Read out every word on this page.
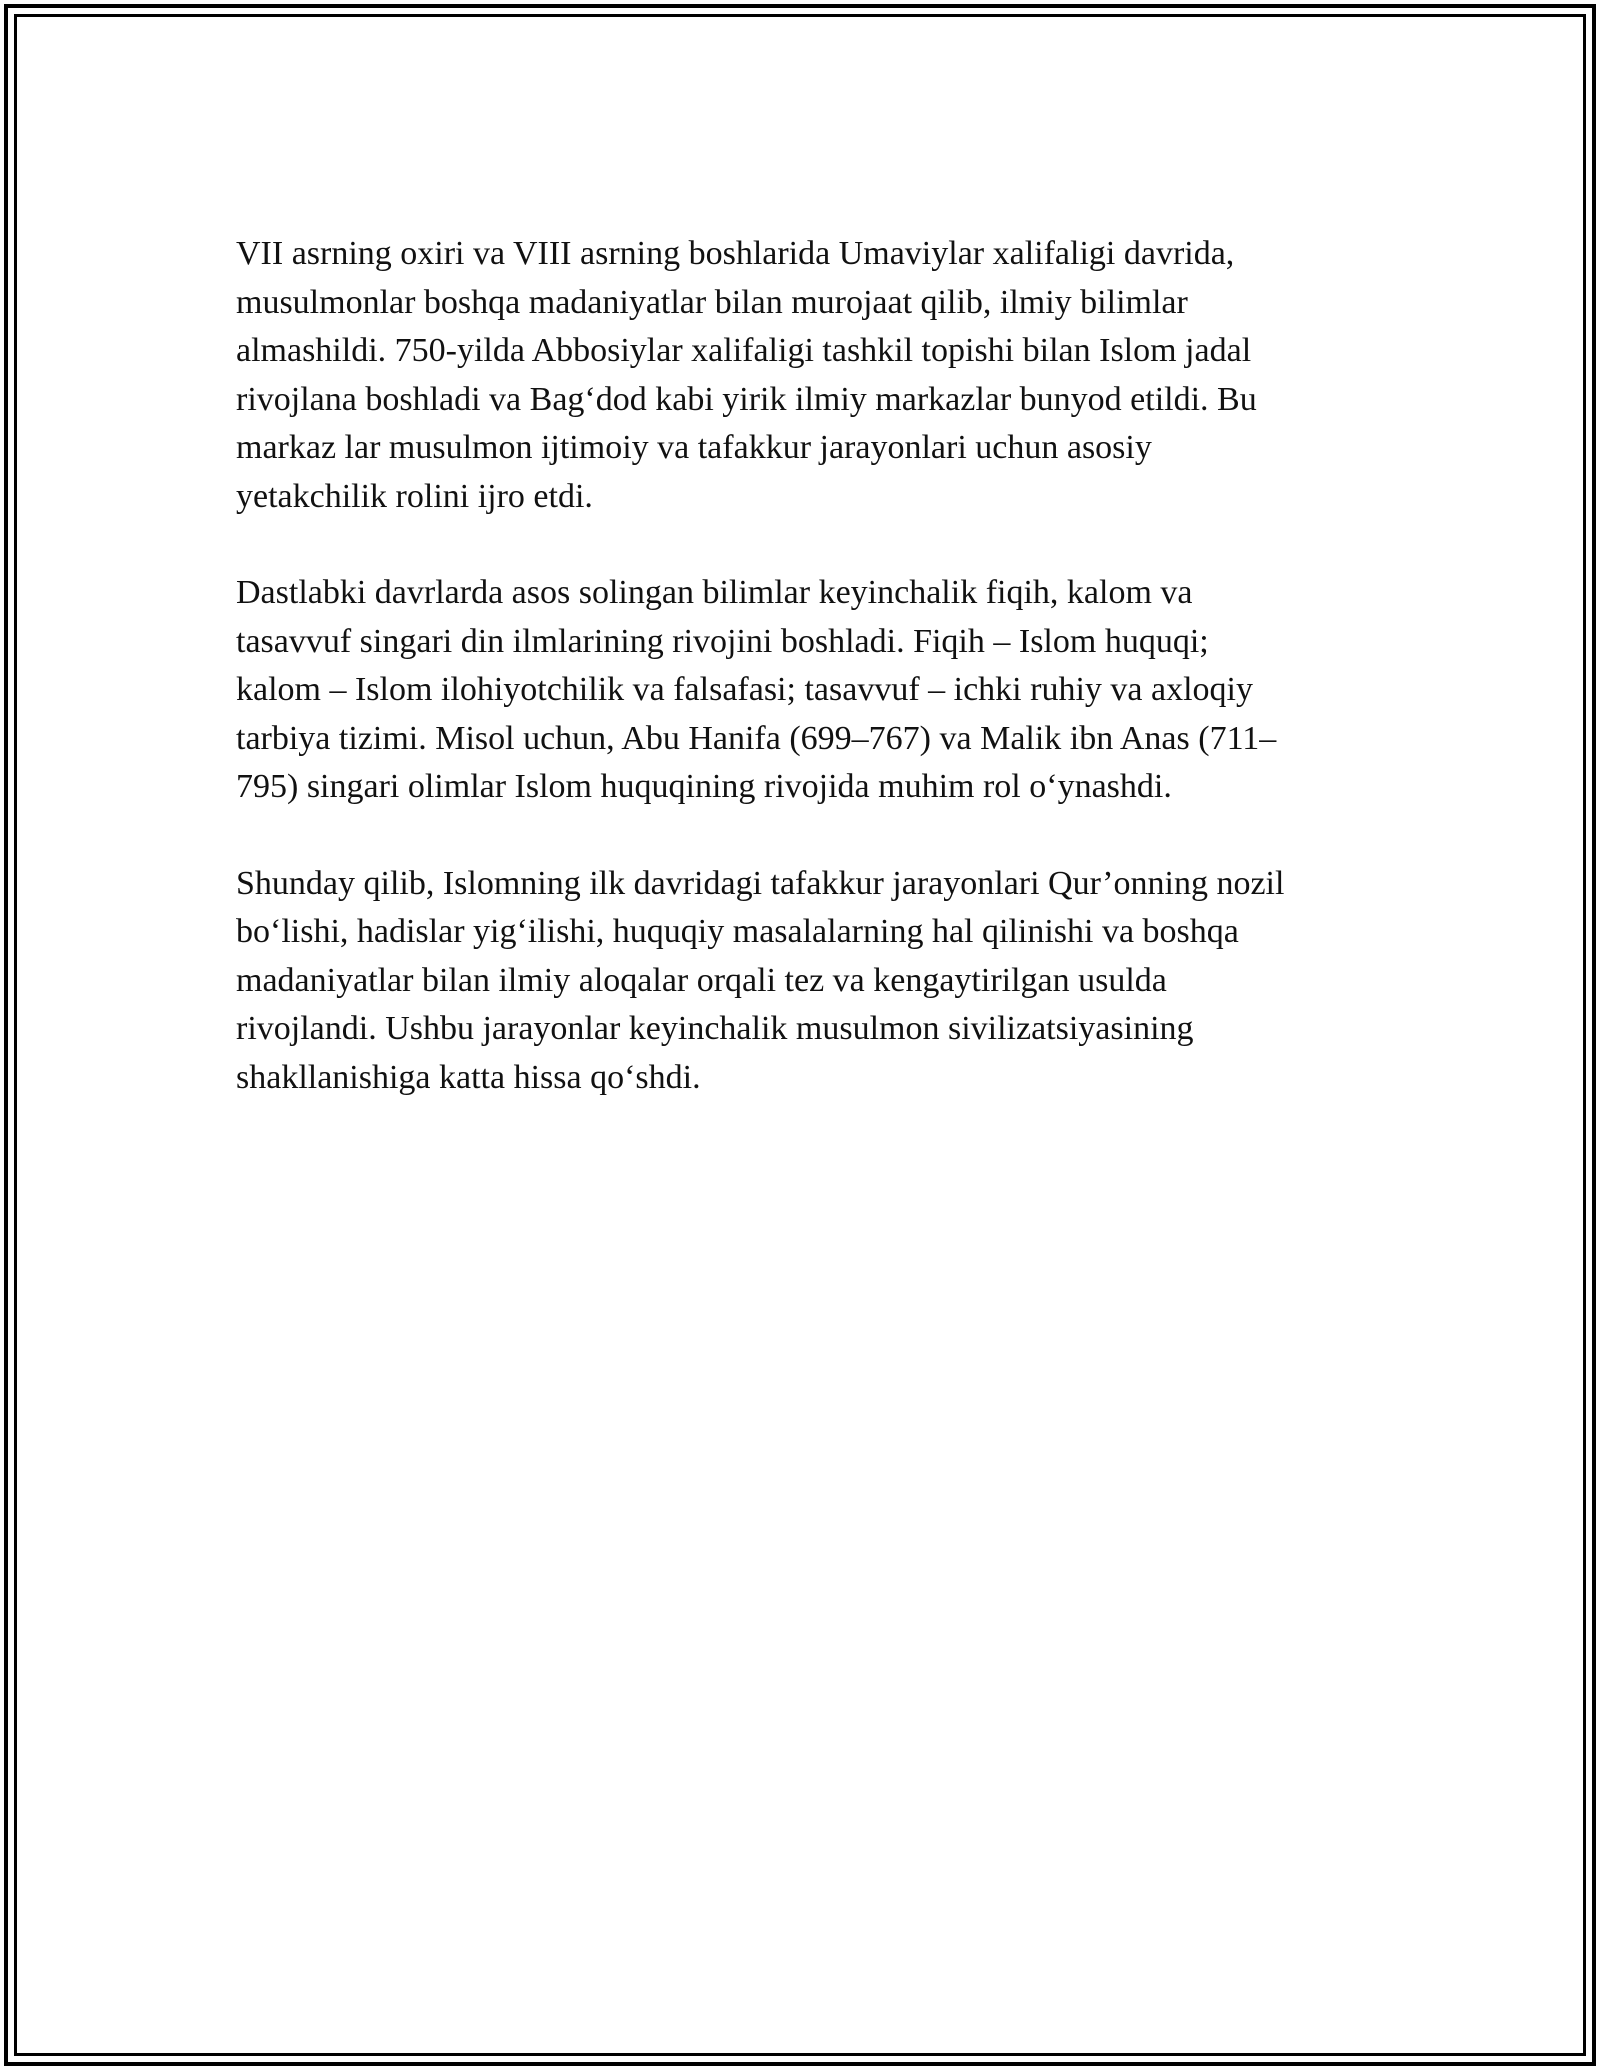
VII asrning oxiri va VIII asrning boshlarida Umaviylar xalifaligi davrida,
musulmonlar boshqa madaniyatlar bilan murojaat qilib, ilmiy bilimlar
almashildi. 750-yilda Abbosiylar xalifaligi tashkil topishi bilan Islom jadal
rivojlana boshladi va Bag‘dod kabi yirik ilmiy markazlar bunyod etildi. Bu
markaz lar musulmon ijtimoiy va tafakkur jarayonlari uchun asosiy
yetakchilik rolini ijro etdi.

Dastlabki davrlarda asos solingan bilimlar keyinchalik fiqih, kalom va
tasavvuf singari din ilmlarining rivojini boshladi. Fiqih – Islom huquqi;
kalom – Islom ilohiyotchilik va falsafasi; tasavvuf – ichki ruhiy va axloqiy
tarbiya tizimi. Misol uchun, Abu Hanifa (699–767) va Malik ibn Anas (711–
795) singari olimlar Islom huquqining rivojida muhim rol o‘ynashdi.

Shunday qilib, Islomning ilk davridagi tafakkur jarayonlari Qur’onning nozil
bo‘lishi, hadislar yig‘ilishi, huquqiy masalalarning hal qilinishi va boshqa
madaniyatlar bilan ilmiy aloqalar orqali tez va kengaytirilgan usulda
rivojlandi. Ushbu jarayonlar keyinchalik musulmon sivilizatsiyasining
shakllanishiga katta hissa qo‘shdi.
